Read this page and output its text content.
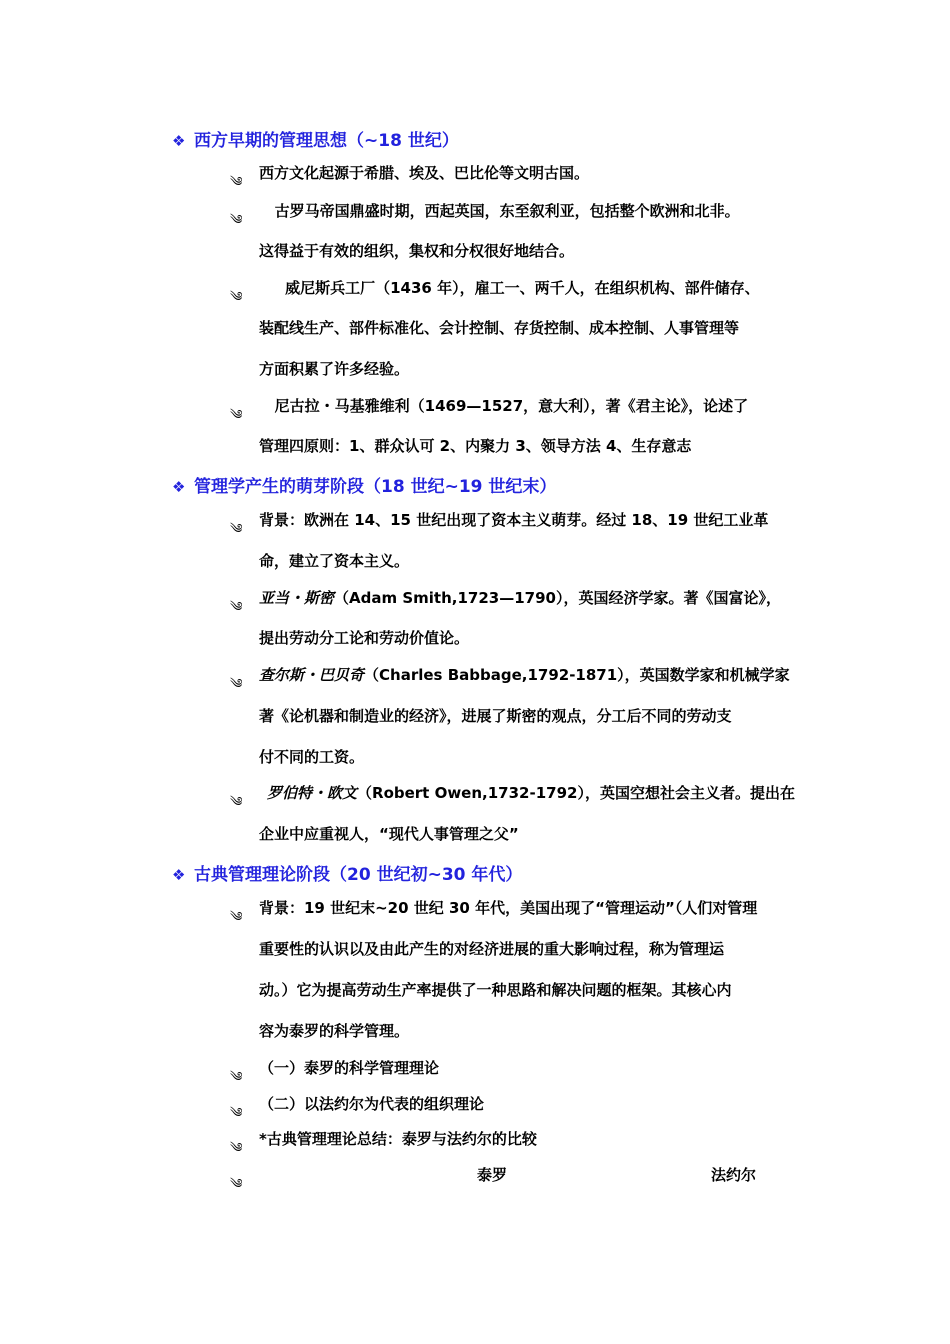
❖ 西方早期的管理思想（~18 世纪）
༄
西方文化起源于希腊、埃及、巴比伦等文明古国。
༄
古罗马帝国鼎盛时期，西起英国，东至叙利亚，包括整个欧洲和北非。
这得益于有效的组织，集权和分权很好地结合。
༄
威尼斯兵工厂（1436 年），雇工一、两千人，在组织机构、部件储存、
装配线生产、部件标准化、会计控制、存货控制、成本控制、人事管理等
方面积累了许多经验。
༄
尼古拉・马基雅维利（1469—1527，意大利），著《君主论》，论述了
管理四原则：1、群众认可 2、内聚力 3、领导方法 4、生存意志
❖ 管理学产生的萌芽阶段（18 世纪~19 世纪末）
༄
背景：欧洲在 14、15 世纪出现了资本主义萌芽。经过 18、19 世纪工业革
命，建立了资本主义。
༄
亚当・斯密（Adam Smith,1723—1790），英国经济学家。著《国富论》，
提出劳动分工论和劳动价值论。
༄
查尔斯・巴贝奇（Charles Babbage,1792-1871），英国数学家和机械学家
著《论机器和制造业的经济》，进展了斯密的观点，分工后不同的劳动支
付不同的工资。
༄
罗伯特・欧文（Robert Owen,1732-1792），英国空想社会主义者。提出在
企业中应重视人，“现代人事管理之父”
❖ 古典管理理论阶段（20 世纪初~30 年代）
༄
背景：19 世纪末~20 世纪 30 年代，美国出现了“管理运动”（人们对管理
重要性的认识以及由此产生的对经济进展的重大影响过程，称为管理运
动。）它为提高劳动生产率提供了一种思路和解决问题的框架。其核心内
容为泰罗的科学管理。
༄
（一）泰罗的科学管理理论
༄
（二）以法约尔为代表的组织理论
༄
*古典管理理论总结：泰罗与法约尔的比较
༄
泰罗	法约尔
